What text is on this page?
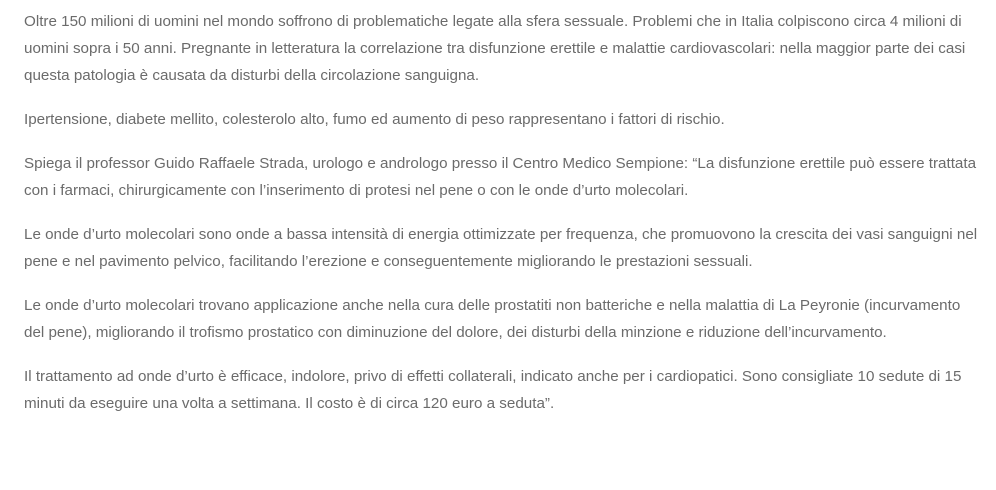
Oltre 150 milioni di uomini nel mondo soffrono di problematiche legate alla sfera sessuale. Problemi che in Italia colpiscono circa 4 milioni di uomini sopra i 50 anni. Pregnante in letteratura la correlazione tra disfunzione erettile e malattie cardiovascolari: nella maggior parte dei casi questa patologia è causata da disturbi della circolazione sanguigna.

Ipertensione, diabete mellito, colesterolo alto, fumo ed aumento di peso rappresentano i fattori di rischio.

Spiega il professor Guido Raffaele Strada, urologo e andrologo presso il Centro Medico Sempione: “La disfunzione erettile può essere trattata con i farmaci, chirurgicamente con l’inserimento di protesi nel pene o con le onde d’urto molecolari.

Le onde d’urto molecolari sono onde a bassa intensità di energia ottimizzate per frequenza, che promuovono la crescita dei vasi sanguigni nel pene e nel pavimento pelvico, facilitando l’erezione e conseguentemente migliorando le prestazioni sessuali.

Le onde d’urto molecolari trovano applicazione anche nella cura delle prostatiti non batteriche e nella malattia di La Peyronie (incurvamento del pene), migliorando il trofismo prostatico con diminuzione del dolore, dei disturbi della minzione e riduzione dell’incurvamento.

Il trattamento ad onde d’urto è efficace, indolore, privo di effetti collaterali, indicato anche per i cardiopatici. Sono consigliate 10 sedute di 15 minuti da eseguire una volta a settimana. Il costo è di circa 120 euro a seduta”.
